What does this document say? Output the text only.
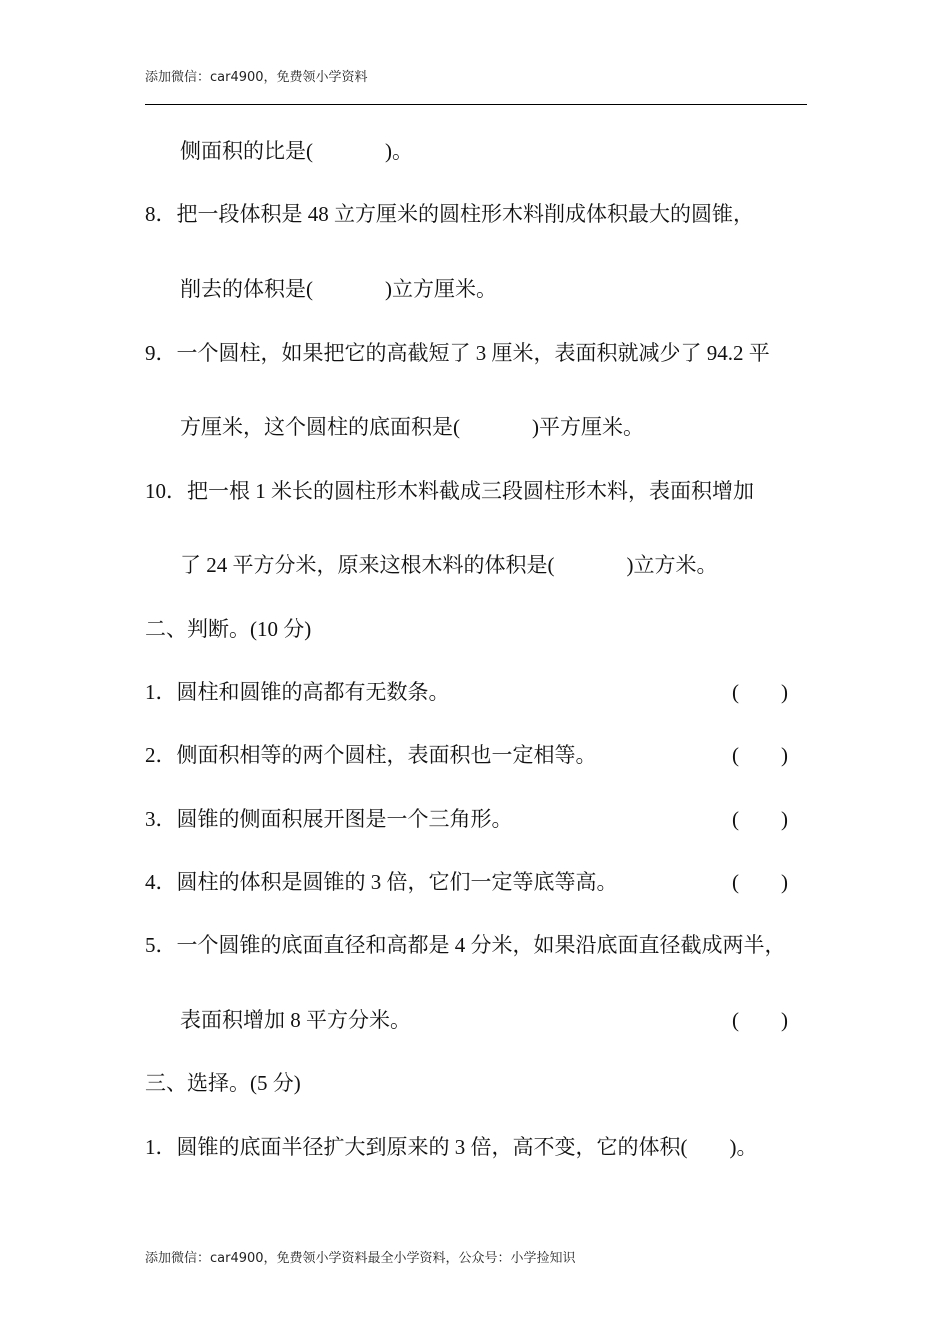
添加微信：car4900，免费领小学资料
侧面积的比是(	)。
8．把一段体积是 48 立方厘米的圆柱形木料削成体积最大的圆锥，
削去的体积是(	)立方厘米。
9．一个圆柱，如果把它的高截短了 3 厘米，表面积就减少了 94.2 平
方厘米，这个圆柱的底面积是(	)平方厘米。
10．把一根 1 米长的圆柱形木料截成三段圆柱形木料，表面积增加
了 24 平方分米，原来这根木料的体积是(	)立方米。
二、判断。(10 分)
1．圆柱和圆锥的高都有无数条。	(　　)
2．侧面积相等的两个圆柱，表面积也一定相等。	(　　)
3．圆锥的侧面积展开图是一个三角形。	(　　)
4．圆柱的体积是圆锥的 3 倍，它们一定等底等高。	(　　)
5．一个圆锥的底面直径和高都是 4 分米，如果沿底面直径截成两半，
表面积增加 8 平方分米。	(　　)
三、选择。(5 分)
1．圆锥的底面半径扩大到原来的 3 倍，高不变，它的体积( )。
添加微信：car4900，免费领小学资料最全小学资料，公众号：小学捡知识
